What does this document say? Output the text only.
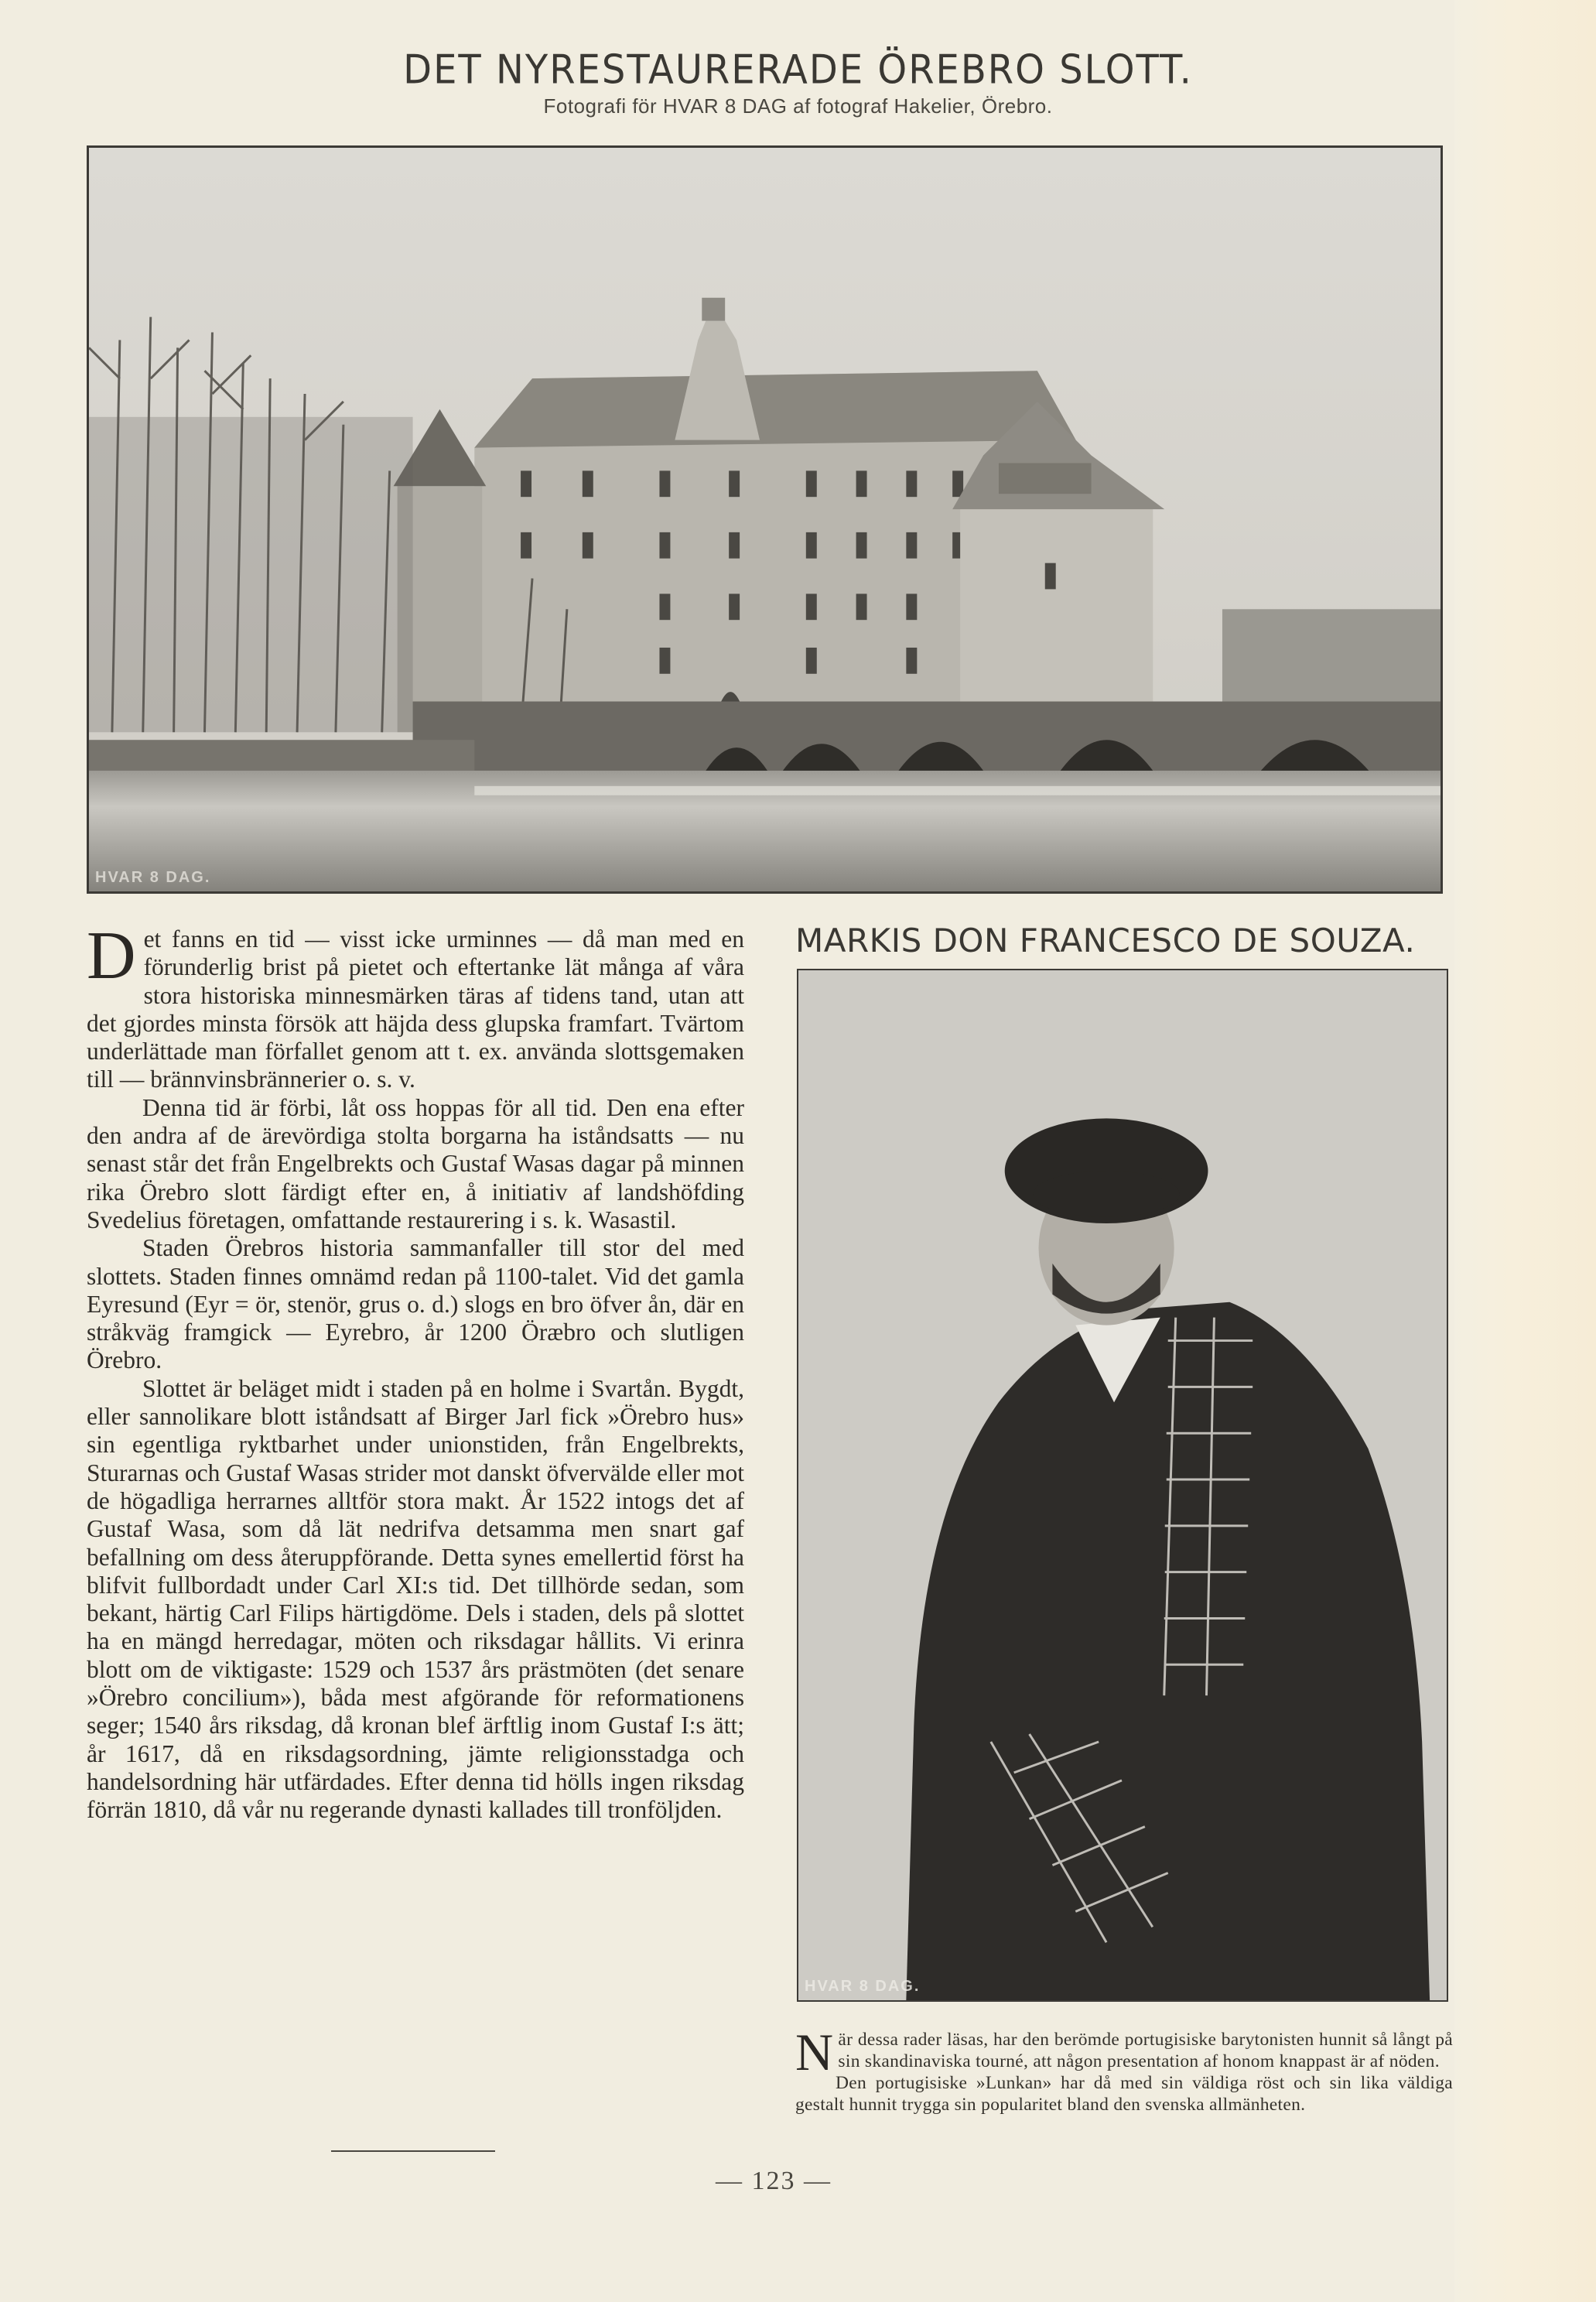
DET NYRESTAURERADE ÖREBRO SLOTT.
Fotografi för HVAR 8 DAG af fotograf Hakelier, Örebro.
HVAR 8 DAG.

Det fanns en tid — visst icke urminnes — då man med en förunderlig brist på pietet och eftertanke lät många af våra stora historiska minnesmärken täras af tidens tand, utan att det gjordes minsta försök att häjda dess glupska framfart. Tvärtom underlättade man förfallet genom att t. ex. använda slottsgemaken till — brännvinsbrännerier o. s. v.

Denna tid är förbi, låt oss hoppas för all tid. Den ena efter den andra af de ärevördiga stolta borgarna ha iståndsatts — nu senast står det från Engelbrekts och Gustaf Wasas dagar på minnen rika Örebro slott färdigt efter en, å initiativ af landshöfding Svedelius företagen, omfattande restaurering i s. k. Wasastil.

Staden Örebros historia sammanfaller till stor del med slottets. Staden finnes omnämd redan på 1100-talet. Vid det gamla Eyresund (Eyr = ör, stenör, grus o. d.) slogs en bro öfver ån, där en stråkväg framgick — Eyrebro, år 1200 Öræbro och slutligen Örebro.

Slottet är beläget midt i staden på en holme i Svartån. Bygdt, eller sannolikare blott iståndsatt af Birger Jarl fick »Örebro hus» sin egentliga ryktbarhet under unionstiden, från Engelbrekts, Sturarnas och Gustaf Wasas strider mot danskt öfvervälde eller mot de högadliga herrarnes alltför stora makt. År 1522 intogs det af Gustaf Wasa, som då lät nedrifva detsamma men snart gaf befallning om dess återuppförande. Detta synes emellertid först ha blifvit fullbordadt under Carl XI:s tid. Det tillhörde sedan, som bekant, härtig Carl Filips härtigdöme. Dels i staden, dels på slottet ha en mängd herredagar, möten och riksdagar hållits. Vi erinra blott om de viktigaste: 1529 och 1537 års prästmöten (det senare »Örebro concilium»), båda mest afgörande för reformationens seger; 1540 års riksdag, då kronan blef ärftlig inom Gustaf I:s ätt; år 1617, då en riksdagsordning, jämte religionsstadga och handelsordning här utfärdades. Efter denna tid hölls ingen riksdag förrän 1810, då vår nu regerande dynasti kallades till tronföljden.

MARKIS DON FRANCESCO DE SOUZA.
HVAR 8 DAG.

När dessa rader läsas, har den berömde portugisiske barytonisten hunnit så långt på sin skandinaviska tourné, att någon presentation af honom knappast är af nöden.

Den portugisiske »Lunkan» har då med sin väldiga röst och sin lika väldiga gestalt hunnit trygga sin popularitet bland den svenska allmänheten.

— 123 —
